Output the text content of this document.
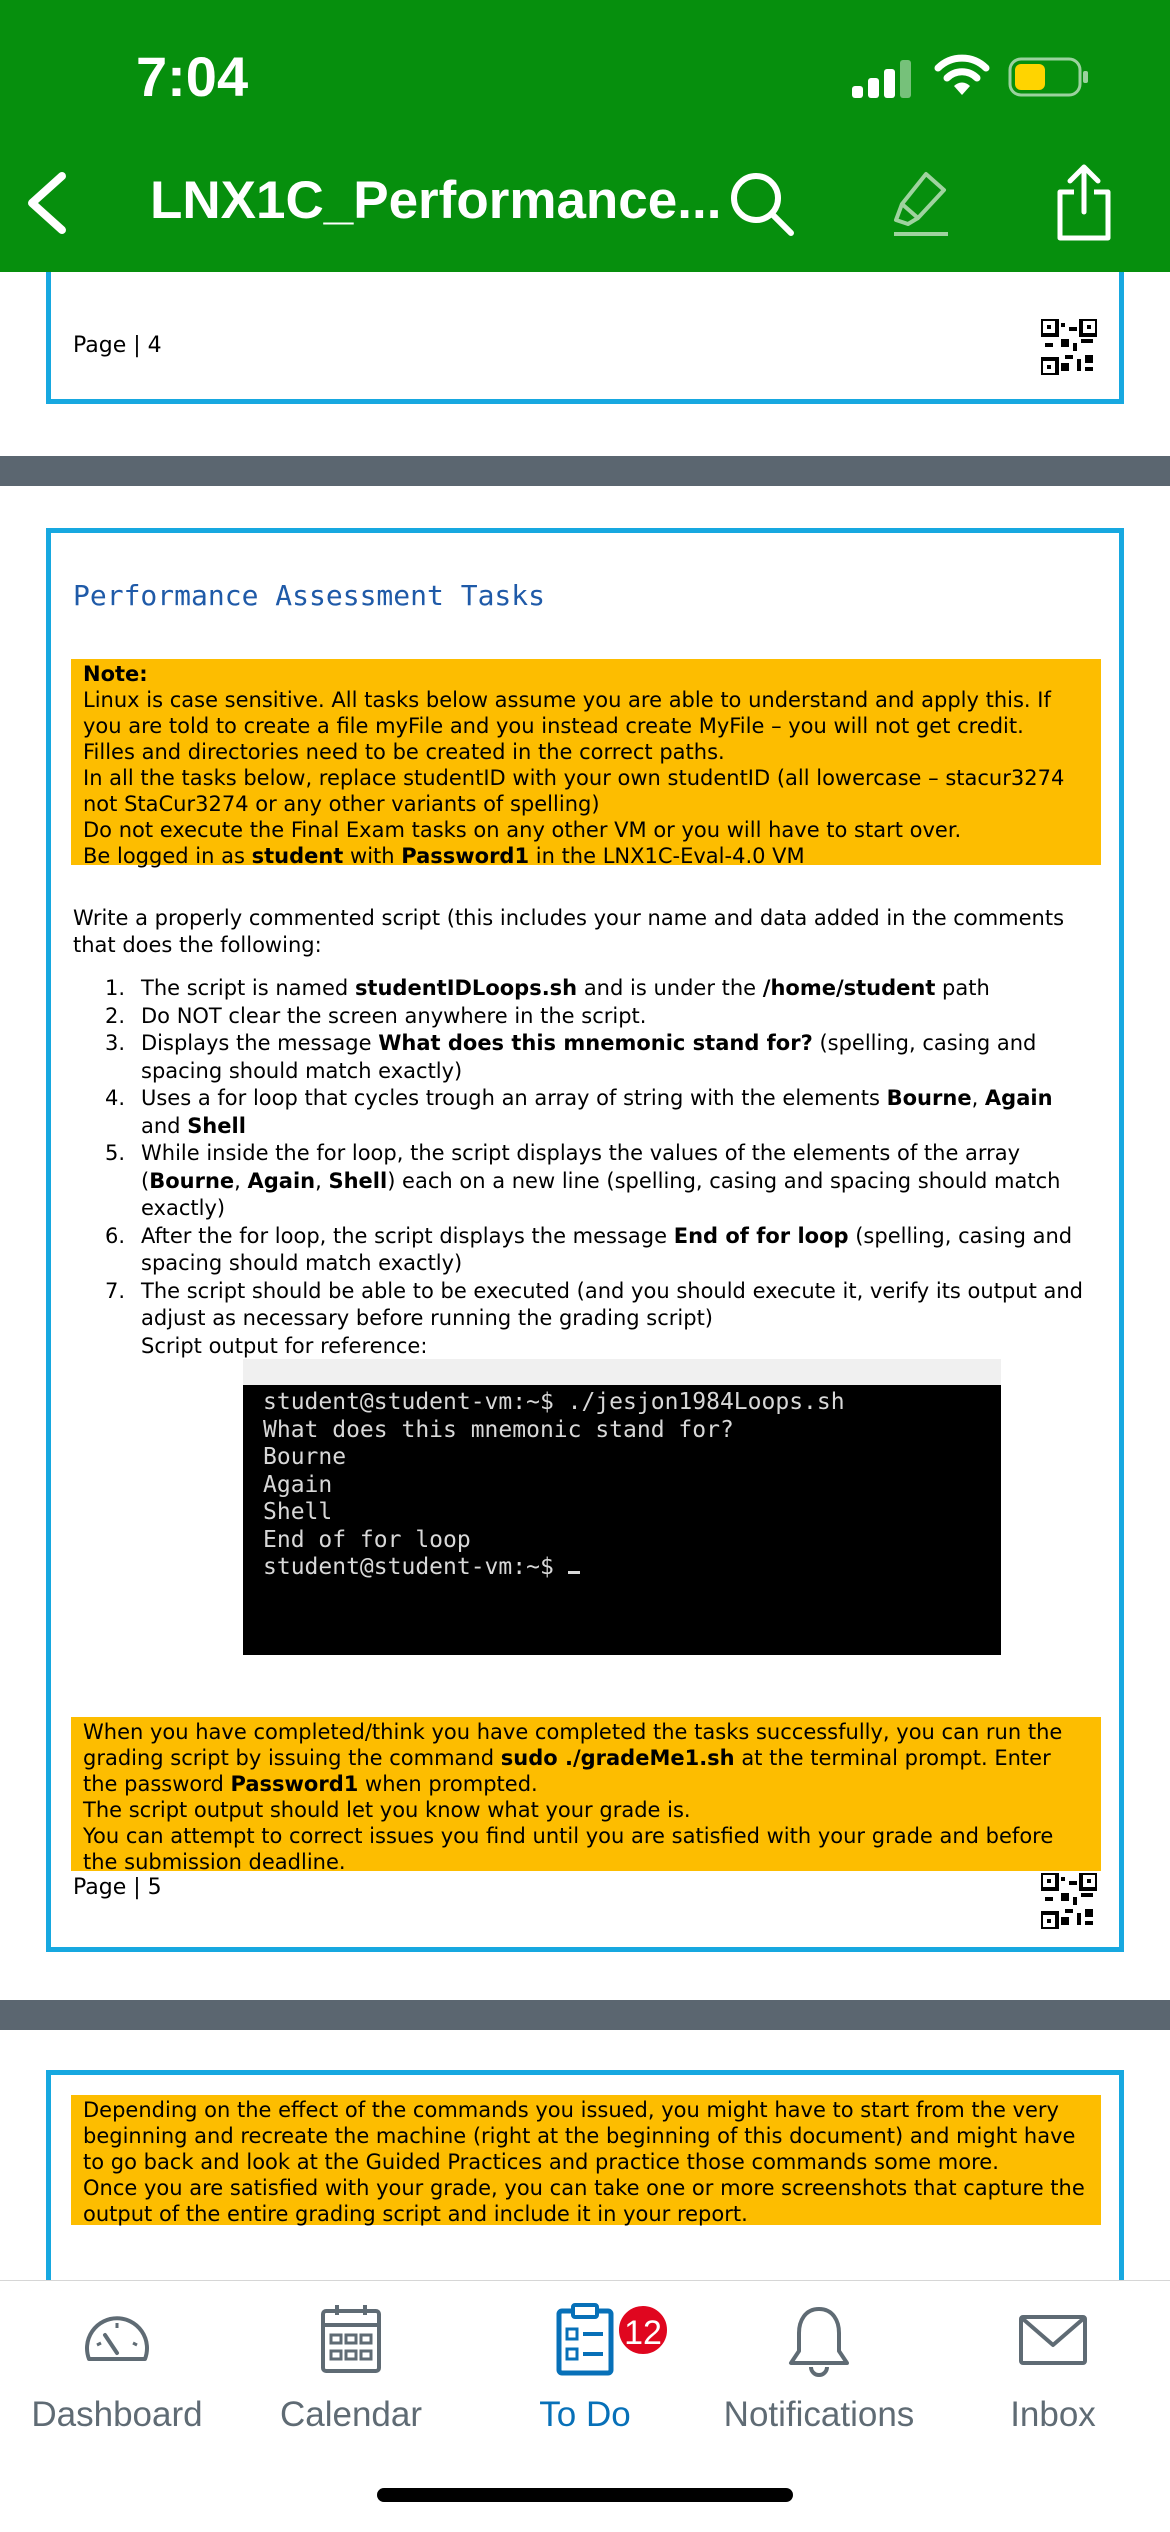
7:04
LNX1C_Performance...
Page | 4
Performance Assessment Tasks
Note:
Linux is case sensitive. All tasks below assume you are able to understand and apply this. If
you are told to create a file myFile and you instead create MyFile – you will not get credit.
Filles and directories need to be created in the correct paths.
In all the tasks below, replace studentID with your own studentID (all lowercase – stacur3274
not StaCur3274 or any other variants of spelling)
Do not execute the Final Exam tasks on any other VM or you will have to start over.
Be logged in as student with Password1 in the LNX1C-Eval-4.0 VM
Write a properly commented script (this includes your name and data added in the comments
that does the following:
1. The script is named studentIDLoops.sh and is under the /home/student path
2. Do NOT clear the screen anywhere in the script.
3. Displays the message What does this mnemonic stand for? (spelling, casing and
spacing should match exactly)
4. Uses a for loop that cycles trough an array of string with the elements Bourne, Again
and Shell
5. While inside the for loop, the script displays the values of the elements of the array
(Bourne, Again, Shell) each on a new line (spelling, casing and spacing should match
exactly)
6. After the for loop, the script displays the message End of for loop (spelling, casing and
spacing should match exactly)
7. The script should be able to be executed (and you should execute it, verify its output and
adjust as necessary before running the grading script)
Script output for reference:
student@student-vm:~$ ./jesjon1984Loops.sh
What does this mnemonic stand for?
Bourne
Again
Shell
End of for loop
student@student-vm:~$
When you have completed/think you have completed the tasks successfully, you can run the
grading script by issuing the command sudo ./gradeMe1.sh at the terminal prompt. Enter
the password Password1 when prompted.
The script output should let you know what your grade is.
You can attempt to correct issues you find until you are satisfied with your grade and before
the submission deadline.
Page | 5
Depending on the effect of the commands you issued, you might have to start from the very
beginning and recreate the machine (right at the beginning of this document) and might have
to go back and look at the Guided Practices and practice those commands some more.
Once you are satisfied with your grade, you can take one or more screenshots that capture the
output of the entire grading script and include it in your report.
Dashboard	Calendar
12
To Do	Notifications	Inbox
